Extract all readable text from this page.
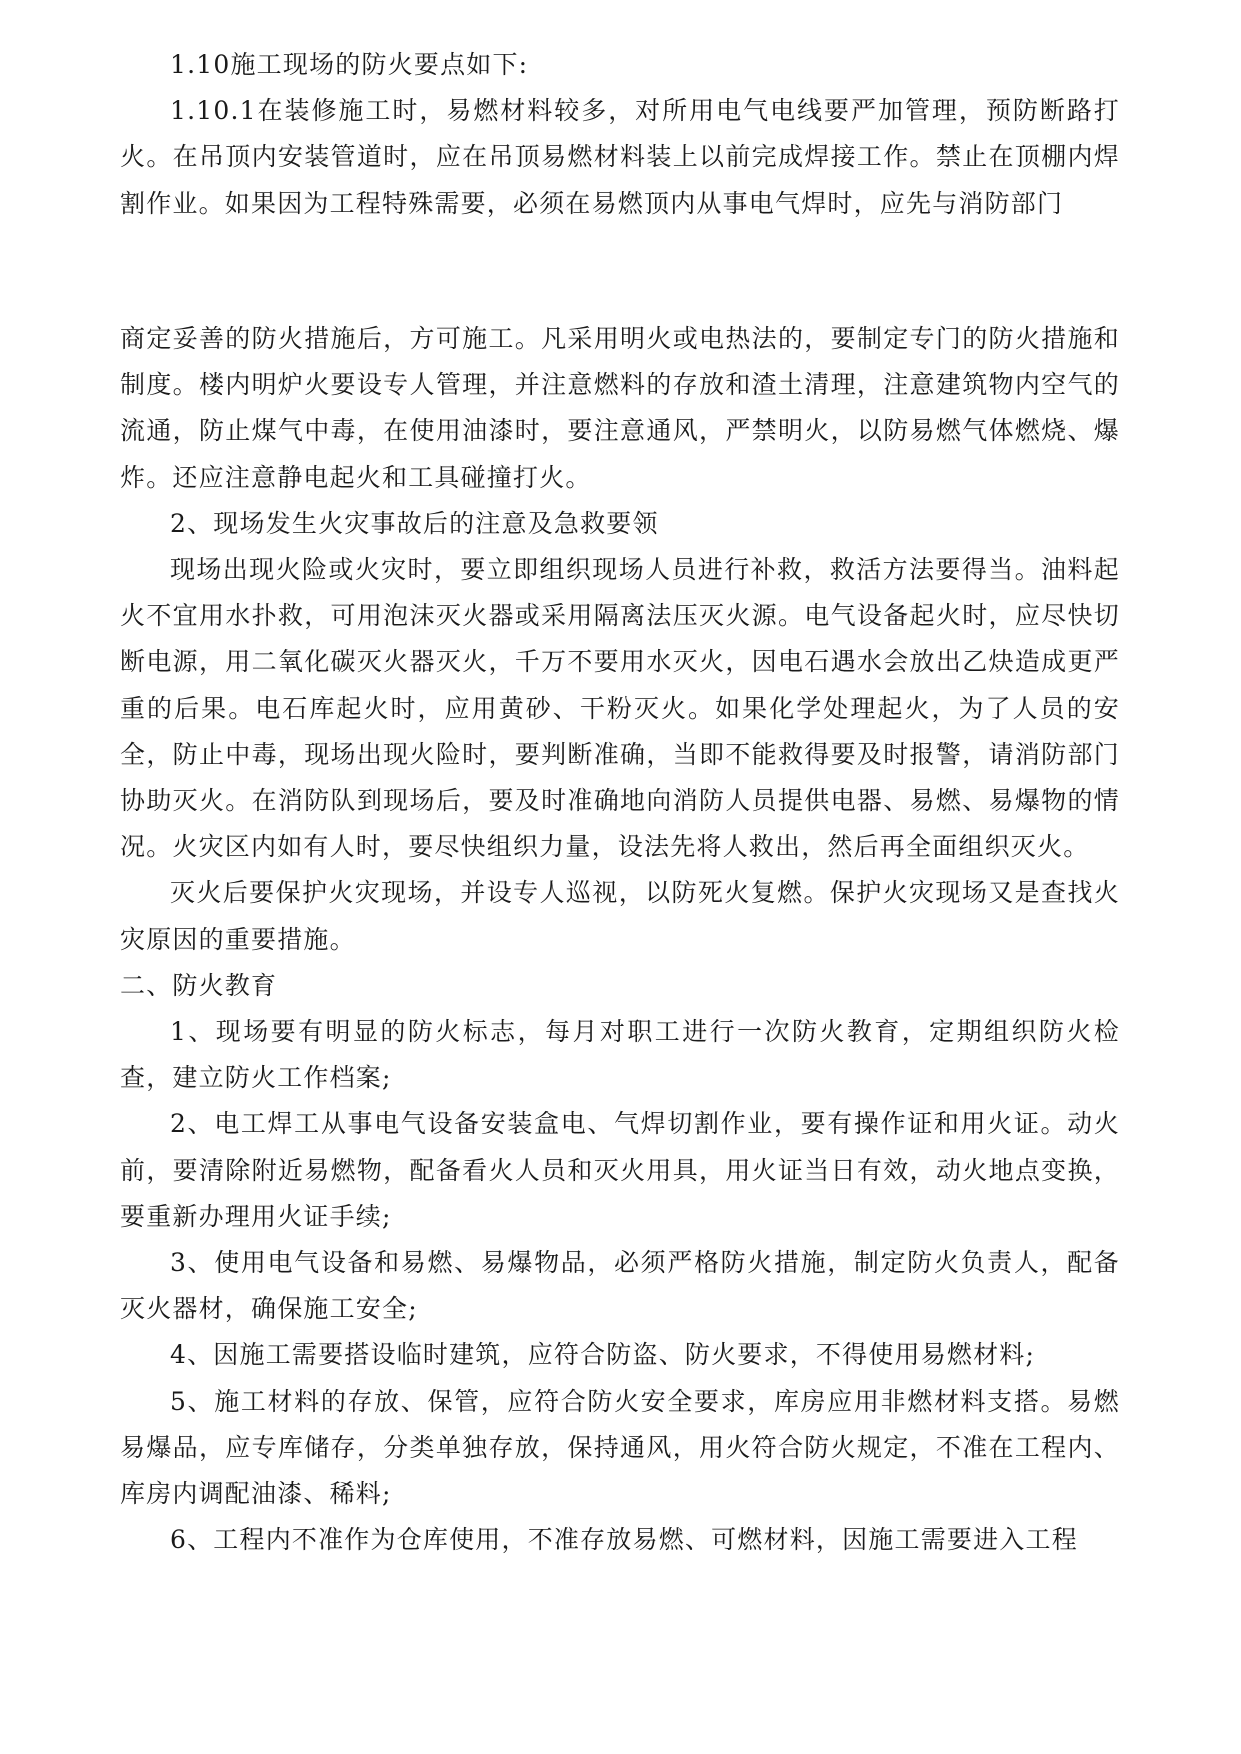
1.10施工现场的防火要点如下:

1.10.1在装修施工时，易燃材料较多，对所用电气电线要严加管理，预防断路打火。在吊顶内安装管道时，应在吊顶易燃材料装上以前完成焊接工作。禁止在顶棚内焊割作业。如果因为工程特殊需要，必须在易燃顶内从事电气焊时，应先与消防部门

商定妥善的防火措施后，方可施工。凡采用明火或电热法的，要制定专门的防火措施和制度。楼内明炉火要设专人管理，并注意燃料的存放和渣土清理，注意建筑物内空气的流通，防止煤气中毒，在使用油漆时，要注意通风，严禁明火，以防易燃气体燃烧、爆炸。还应注意静电起火和工具碰撞打火。

2、现场发生火灾事故后的注意及急救要领

现场出现火险或火灾时，要立即组织现场人员进行补救，救活方法要得当。油料起火不宜用水扑救，可用泡沫灭火器或采用隔离法压灭火源。电气设备起火时，应尽快切断电源，用二氧化碳灭火器灭火，千万不要用水灭火，因电石遇水会放出乙炔造成更严重的后果。电石库起火时，应用黄砂、干粉灭火。如果化学处理起火，为了人员的安全，防止中毒，现场出现火险时，要判断准确，当即不能救得要及时报警，请消防部门协助灭火。在消防队到现场后，要及时准确地向消防人员提供电器、易燃、易爆物的情况。火灾区内如有人时，要尽快组织力量，设法先将人救出，然后再全面组织灭火。

灭火后要保护火灾现场，并设专人巡视，以防死火复燃。保护火灾现场又是查找火灾原因的重要措施。

二、防火教育

1、现场要有明显的防火标志，每月对职工进行一次防火教育，定期组织防火检查，建立防火工作档案;

2、电工焊工从事电气设备安装盒电、气焊切割作业，要有操作证和用火证。动火前，要清除附近易燃物，配备看火人员和灭火用具，用火证当日有效，动火地点变换，要重新办理用火证手续;

3、使用电气设备和易燃、易爆物品，必须严格防火措施，制定防火负责人，配备灭火器材，确保施工安全;

4、因施工需要搭设临时建筑，应符合防盗、防火要求，不得使用易燃材料;

5、施工材料的存放、保管，应符合防火安全要求，库房应用非燃材料支搭。易燃易爆品，应专库储存，分类单独存放，保持通风，用火符合防火规定，不准在工程内、库房内调配油漆、稀料;

6、工程内不准作为仓库使用，不准存放易燃、可燃材料，因施工需要进入工程
